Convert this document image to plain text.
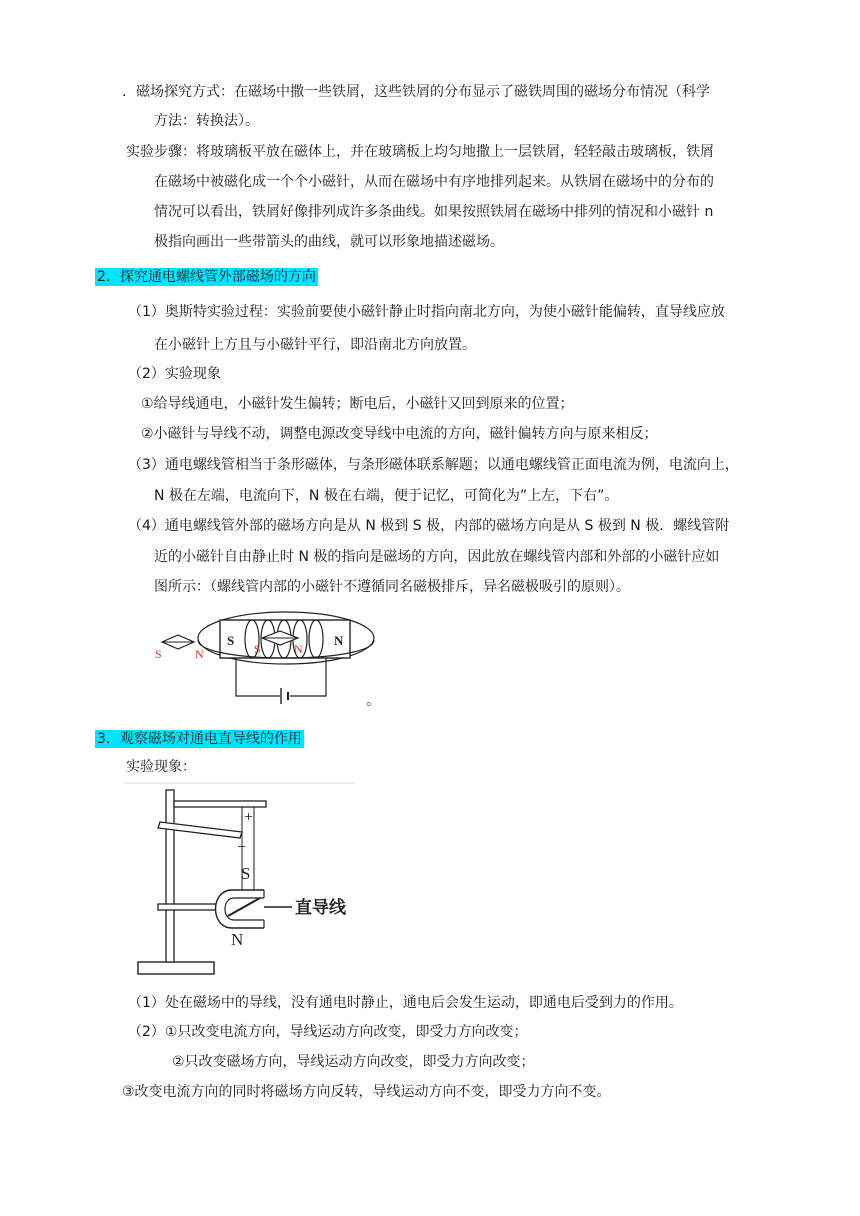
．磁场探究方式：在磁场中撒一些铁屑，这些铁屑的分布显示了磁铁周围的磁场分布情况（科学
方法：转换法）。
实验步骤：将玻璃板平放在磁体上，并在玻璃板上均匀地撒上一层铁屑，轻轻敲击玻璃板，铁屑
在磁场中被磁化成一个个小磁针，从而在磁场中有序地排列起来。从铁屑在磁场中的分布的
情况可以看出，铁屑好像排列成许多条曲线。如果按照铁屑在磁场中排列的情况和小磁针 n
极指向画出一些带箭头的曲线，就可以形象地描述磁场。
2．探究通电螺线管外部磁场的方向
（1）奥斯特实验过程：实验前要使小磁针静止时指向南北方向，为使小磁针能偏转，直导线应放
在小磁针上方且与小磁针平行，即沿南北方向放置。
（2）实验现象
①给导线通电，小磁针发生偏转；断电后，小磁针又回到原来的位置；
②小磁针与导线不动，调整电源改变导线中电流的方向，磁针偏转方向与原来相反；
（3）通电螺线管相当于条形磁体，与条形磁体联系解题；以通电螺线管正面电流为例，电流向上，
N 极在左端，电流向下，N 极在右端，便于记忆，可简化为”上左，下右”。
（4）通电螺线管外部的磁场方向是从 N 极到 S 极，内部的磁场方向是从 S 极到 N 极．螺线管附
近的小磁针自由静止时 N 极的指向是磁场的方向，因此放在螺线管内部和外部的小磁针应如
图所示：（螺线管内部的小磁针不遵循同名磁极排斥，异名磁极吸引的原则）。
S	N	S	N
S	N
。
3．观察磁场对通电直导线的作用
实验现象：
+
−
S
N
直导线
（1）处在磁场中的导线，没有通电时静止，通电后会发生运动，即通电后受到力的作用。
（2）①只改变电流方向，导线运动方向改变，即受力方向改变；
②只改变磁场方向，导线运动方向改变，即受力方向改变；
③改变电流方向的同时将磁场方向反转，导线运动方向不变，即受力方向不变。
